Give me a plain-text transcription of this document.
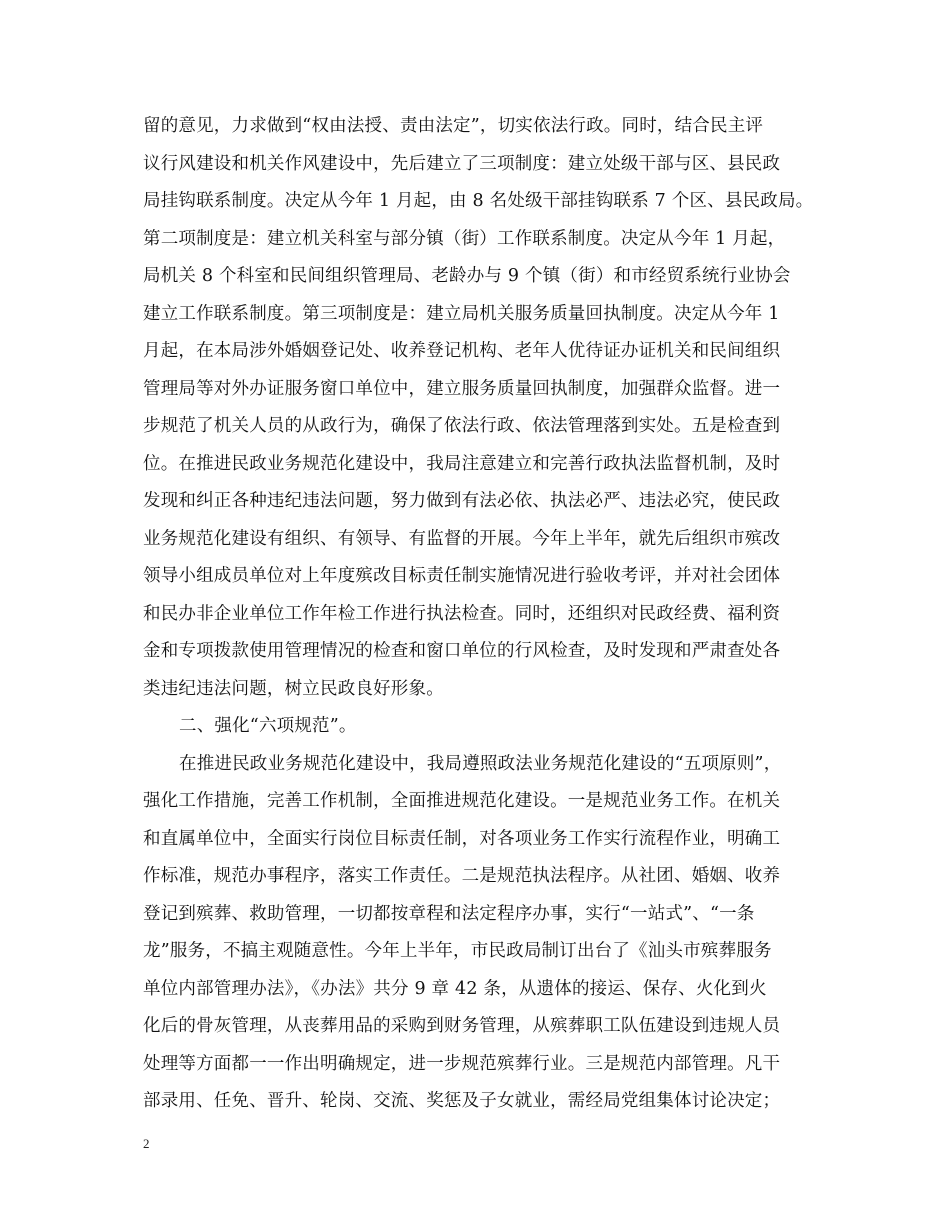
留的意见，力求做到“权由法授、责由法定”，切实依法行政。同时，结合民主评
议行风建设和机关作风建设中，先后建立了三项制度：建立处级干部与区、县民政
局挂钩联系制度。决定从今年 1 月起，由 8 名处级干部挂钩联系 7 个区、县民政局。
第二项制度是：建立机关科室与部分镇（街）工作联系制度。决定从今年 1 月起，
局机关 8 个科室和民间组织管理局、老龄办与 9 个镇（街）和市经贸系统行业协会
建立工作联系制度。第三项制度是：建立局机关服务质量回执制度。决定从今年 1
月起，在本局涉外婚姻登记处、收养登记机构、老年人优待证办证机关和民间组织
管理局等对外办证服务窗口单位中，建立服务质量回执制度，加强群众监督。进一
步规范了机关人员的从政行为，确保了依法行政、依法管理落到实处。五是检查到
位。在推进民政业务规范化建设中，我局注意建立和完善行政执法监督机制，及时
发现和纠正各种违纪违法问题，努力做到有法必依、执法必严、违法必究，使民政
业务规范化建设有组织、有领导、有监督的开展。今年上半年，就先后组织市殡改
领导小组成员单位对上年度殡改目标责任制实施情况进行验收考评，并对社会团体
和民办非企业单位工作年检工作进行执法检查。同时，还组织对民政经费、福利资
金和专项拨款使用管理情况的检查和窗口单位的行风检查，及时发现和严肃查处各
类违纪违法问题，树立民政良好形象。
二、强化“六项规范”。
在推进民政业务规范化建设中，我局遵照政法业务规范化建设的“五项原则”，
强化工作措施，完善工作机制，全面推进规范化建设。一是规范业务工作。在机关
和直属单位中，全面实行岗位目标责任制，对各项业务工作实行流程作业，明确工
作标准，规范办事程序，落实工作责任。二是规范执法程序。从社团、婚姻、收养
登记到殡葬、救助管理，一切都按章程和法定程序办事，实行“一站式”、“一条
龙”服务，不搞主观随意性。今年上半年，市民政局制订出台了《汕头市殡葬服务
单位内部管理办法》，《办法》共分 9 章 42 条，从遗体的接运、保存、火化到火
化后的骨灰管理，从丧葬用品的采购到财务管理，从殡葬职工队伍建设到违规人员
处理等方面都一一作出明确规定，进一步规范殡葬行业。三是规范内部管理。凡干
部录用、任免、晋升、轮岗、交流、奖惩及子女就业，需经局党组集体讨论决定；
2
